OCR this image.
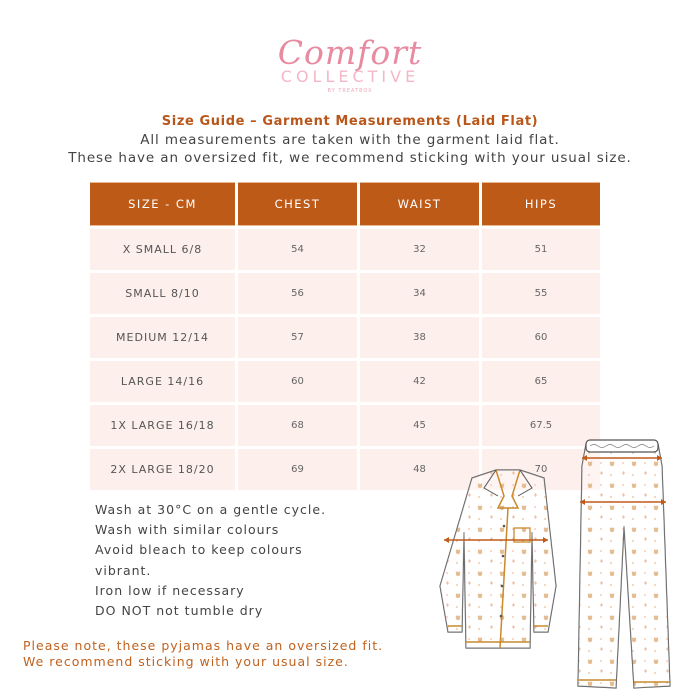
Comfort
COLLECTIVE
BY TREATBOX
Size Guide – Garment Measurements (Laid Flat)
All measurements are taken with the garment laid flat.
These have an oversized fit, we recommend sticking with your usual size.
SIZE - CM	CHEST	WAIST	HIPS
X SMALL 6/8	54	32	51
SMALL 8/10	56	34	55
MEDIUM 12/14	57	38	60
LARGE 14/16	60	42	65
1X LARGE 16/18	68	45	67.5
2X LARGE 18/20	69	48	70
Wash at 30°C on a gentle cycle.
Wash with similar colours
Avoid bleach to keep colours
vibrant.
Iron low if necessary
DO NOT not tumble dry
Please note, these pyjamas have an oversized fit.
We recommend sticking with your usual size.
